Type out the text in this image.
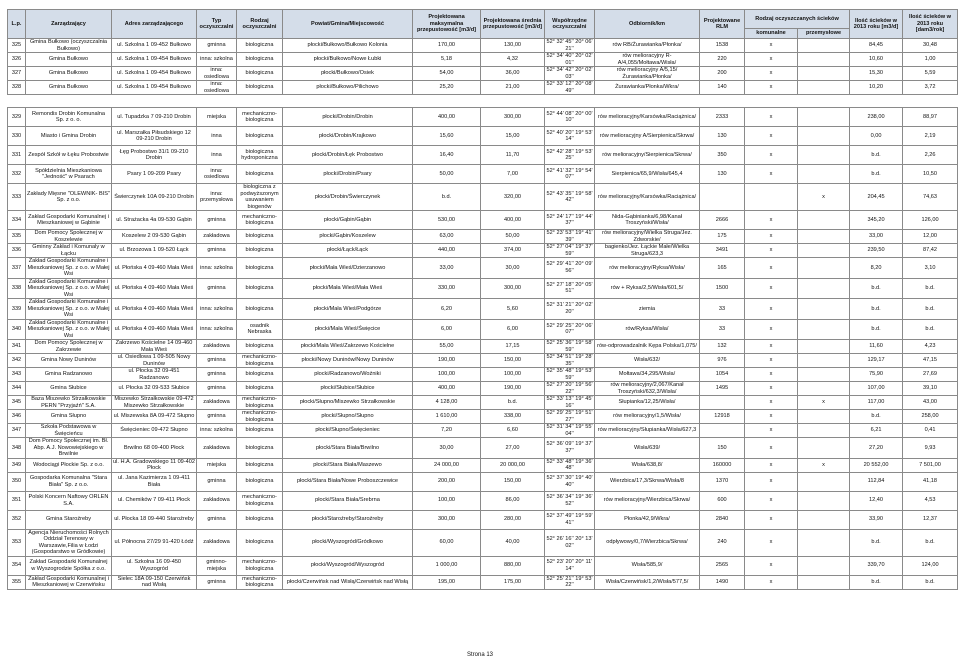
L.p.	Zarządzający	Adres zarządzającego	Typ oczyszczalni	Rodzaj oczyszczalni	Powiat/Gmina/Miejscowość	Projektowana maksymalna przepustowość [m3/d]	Projektowana średnia przepustowość [m3/d]	Współrzędne oczyszczalni	Odbiornik/km	Projektowane RLM	Rodzaj oczyszczanych ścieków		Ilość ścieków w 2013 roku [m3/d]	Ilość ścieków w 2013 roku [dam3/rok]
											komunalne	przemysłowe		
325	Gmina Bułkowo (oczyszczalnia Bułkowo)	ul. Szkolna 1 09-452 Bułkowo	gminna	biologiczna	płocki/Bułkowo/Bułkowo Kolonia	170,00	130,00	52° 32' 45'' 20° 06' 21''	rów RB/Żurawianka/Płonka/	1538	x		84,45	30,48
326	Gmina Bułkowo	ul. Szkolna 1 09-454 Bułkowo	inna: szkolna	biologiczna	płocki/Bułkowo/Nowe Łubki	5,18	4,32	52° 34' 40'' 20° 02' 01''	rów melioracyjny R-A/4,055/Mołtawa/Wisła/	220	x		10,60	1,00
327	Gmina Bułkowo	ul. Szkolna 1 09-454 Bułkowo	inna: osiedlowa	biologiczna	płocki/Bułkowo/Osiek	54,00	36,00	52° 34' 42'' 20° 02' 03''	rów melioracyjny A/5,15/Żurawianka/Płonka/	200	x		15,30	5,59
328	Gmina Bułkowo	ul. Szkolna 1 09-454 Bułkowo	inna: osiedlowa	biologiczna	płocki/Bułkowo/Pilichowo	25,20	21,00	52° 33' 12'' 20° 08' 49''	Żurawianka/Płonka/Wkra/	140	x		10,20	3,72

329	Remondis Drobin Komunalna Sp. z o. o.	ul. Tupadzka 7 09-210 Drobin	miejska	mechaniczno-biologiczna	płocki/Drobin/Drobin	400,00	300,00	52° 44' 08'' 20° 00' 10''	rów melioracyjny/Karsówka/Raciążnica/	2333	x		238,00	88,97
330	Miasto i Gmina Drobin	ul. Marszałka Piłsudskiego 12 09-210 Drobin	inna	biologiczna	płocki/Drobin/Krajkowo	15,60	15,00	52° 40' 20'' 19° 53' 14''	rów melioracyjny A/Sierpienica/Skrwa/	130	x		0,00	2,19
331	Zespół Szkół w Łęku Probostwie	Łęg Probostwo 31/1 09-210 Drobin	inna	biologiczna hydroponiczna	płocki/Drobin/Łęk Probostwo	16,40	11,70	52° 42' 28'' 19° 53' 25''	rów melioracyjny/Sierpienica/Skrwa/	350	x		b.d.	2,26
332	Spółdzielnia Mieszkaniowa "Jedność" w Psarach	Psary 1 09-209 Psary	inna: osiedlowa	biologiczna	płocki/Drobin/Psary	50,00	7,00	52° 41' 32'' 19° 54' 07''	Sierpienica/65,9/Wisła/645,4	130	x		b.d.	10,50
333	Zakłady Mięsne "OLEWNIK- BIS" Sp. z o.o.	Świerczynek 10A 09-210 Drobin	inna: przemysłowa	biologiczna z podwyższonym usuwaniem biogenów	płocki/Drobin/Świerczynek	b.d.	320,00	52° 43' 35'' 19° 58' 42''	rów melioracyjny/Karsówka/Raciążnica/			x	204,45	74,63
334	Zakład Gospodarki Komunalnej i Mieszkaniowej w Gąbinie	ul. Strażacka 4a 09-530 Gąbin	gminna	mechaniczno-biologiczna	płocki/Gąbin/Gąbin	530,00	400,00	52° 24' 17'' 19° 44' 37''	Nida-Gąbinianka/6,98/Kanał Troszyński/Wisła/	2666	x		345,20	126,00
335	Dom Pomocy Społecznej w Koszelewie	Koszelew 2 09-530 Gąbin	zakładowa	biologiczna	płocki/Gąbin/Koszelew	63,00	50,00	52° 23' 53'' 19° 41' 39''	rów melioracyjny/Wielka Struga/Jez. Zdworskie/	175	x		33,00	12,00
336	Gminny Zakład i Komunaly w Łącku	ul. Brzozowa 1 09-520 Łąck	gminna	biologiczna	płocki/Łąck/Łąck	440,00	374,00	52° 27' 04'' 19° 37' 59''	bagienko/Jez. Łąckie Małe/Wielka Struga/623,3	3491	x		239,50	87,42
337	Zakład Gospodarki Komunalne i Mieszkaniowej Sp. z o.o. w Małej Wsi	ul. Płońska 4 09-460 Mała Wieś	inna: szkolna	biologiczna	płocki/Mała Wieś/Dzierzanowo	33,00	30,00	52° 29' 41'' 20° 09' 56''	rów melioracyjny/Ryksa/Wisła/	165	x		8,20	3,10
338	Zakład Gospodarki Komunalne i Mieszkaniowej Sp. z o.o. w Małej Wsi	ul. Płońska 4 09-460 Mała Wieś	gminna	biologiczna	płocki/Mała Wieś/Mała Wieś	330,00	300,00	52° 27' 18'' 20° 05' 51''	rów + Ryksa/2,5/Wisła/601,5/	1500	x		b.d.	b.d.
339	Zakład Gospodarki Komunalne i Mieszkaniowej Sp. z o.o. w Małej Wsi	ul. Płońska 4 09-460 Mała Wieś	inna: szkolna	biologiczna	płocki/Mała Wieś/Podgórze	6,20	5,60	52° 31' 21'' 20° 02' 20''	ziemia	33	x		b.d.	b.d.
340	Zakład Gospodarki Komunalne i Mieszkaniowej Sp. z o.o. w Małej Wsi	ul. Płońska 4 09-460 Mała Wieś	inna: szkolna	osadnik Nebraska	płocki/Mała Wieś/Święcice	6,00	6,00	52° 29' 25'' 20° 06' 07''	rów/Ryksa/Wisła/	33	x		b.d.	b.d.
341	Dom Pomocy Społecznej w Zakrzewie	Zakrzewo Kościelne 14 09-460 Mała Wieś	zakładowa	biologiczna	płocki/Mała Wieś/Zakrzewo Kościelne	55,00	17,15	52° 25' 36'' 19° 58' 59''	rów-odprowadzalnik Kępa Polska/1,075/	132	x		11,60	4,23
342	Gmina Nowy Duninów	ul. Osiedlowa 1 09-505 Nowy Duninów	gminna	mechaniczno-biologiczna	płocki/Nowy Duninów/Nowy Duninów	190,00	150,00	52° 34' 51'' 19° 28' 35''	Wisła/632/	976	x		129,17	47,15
343	Gmina Radzanowo	ul. Płocka 32 09-451 Radzanowo	gminna	biologiczna	płocki/Radzanowo/Woźniki	100,00	100,00	52° 35' 48'' 19° 53' 59''	Mołtawa/34,295/Wisła/	1054	x		75,90	27,69
344	Gmina Słubice	ul. Płocka 32 09-533 Słubice	gminna	biologiczna	płocki/Słubice/Słubice	400,00	190,00	52° 27' 20'' 19° 56' 22''	rów melioracyjny/2,067/Kanał Troszyński/632,3/Wisła/	1495	x		107,00	39,10
345	Baza Miszewko Strzałkowskie PERN "Przyjaźń" S.A.	Miszewko Strzałkowskie 09-472 Miszewko Strzałkowskie	zakładowa	mechaniczno-biologiczna	płocki/Słupno/Miszewko Strzałkowskie	4 128,00	b.d.	52° 33' 13'' 19° 45' 16''	Słupianka/12,25/Wisła/		x	x	117,00	43,00
346	Gmina Słupno	ul. Miszewska 8A 09-472 Słupno	gminna	mechaniczno-biologiczna	płocki/Słupno/Słupno	1 610,00	338,00	52° 29' 25'' 19° 51' 27''	rów melioracyjny/1,5/Wisła/	12918	x		b.d.	258,00
347	Szkoła Podstawowa w Święcieńcu	Święcieniec 09-472 Słupno	inna: szkolna	biologiczna	płocki/Słupno/Święcieniec	7,20	6,60	52° 31' 34'' 19° 55' 04''	rów melioracyjny/Słupianka/Wisła/627,3		x		6,21	0,41
348	Dom Pomocy Społecznej im. Bł. Abp. A.J. Nowowiejskiego w Brwilnie	Brwilno 68 09-400 Płock	zakładowa	biologiczna	płocki/Stara Biała/Brwilno	30,00	27,00	52° 36' 09'' 19° 37' 37''	Wisła/639/	150	x		27,20	9,93
349	Wodociągi Płockie Sp. z o.o.	ul. H.A. Gradowskiego 11 09-402 Płock	miejska	biologiczna	płocki/Stara Biała/Maszewo	24 000,00	20 000,00	52° 33' 48'' 19° 36' 48''	Wisła/638,8/	160000	x	x	20 552,00	7 501,00
350	Gospodarka Komunalna "Stara Biała" Sp. z o.o.	ul. Jana Kazimierza 1 09-411 Biała	gminna	biologiczna	płocki/Stara Biała/Nowe Proboszczewice	200,00	150,00	52° 37' 30'' 19° 40' 40''	Wierzbica/17,3/Skrwa/Wisła/8	1370	x		112,84	41,18
351	Polski Koncern Naftowy ORLEN S.A.	ul. Chemików 7 09-411 Płock	zakładowa	mechaniczno-biologiczna	płocki/Stara Biała/Srebrna	100,00	86,00	52° 36' 34'' 19° 36' 52''	rów melioracyjny/Wierzbica/Skrwa/	600	x		12,40	4,53
352	Gmina Staroźreby	ul. Płocka 18 09-440 Staroźreby	gminna	biologiczna	płocki/Staroźreby/Staroźreby	300,00	280,00	52° 37' 49'' 19° 59' 41''	Płonka/42,9/Wkra/	2840	x		33,90	12,37
353	Agencja Nieruchomości Rolnych Oddział Terenowy w Warszawie,Filia w Łodzi (Gospodarstwo w Gródkowie)	ul. Północna 27/29 91-420 Łódź	zakładowa	biologiczna	płocki/Wyszogród/Gródkowo	60,00	40,00	52° 26' 16'' 20° 13' 02''	odpływowy/0,7/Wierzbica/Skrwa/	240	x		b.d.	b.d.
354	Zakład Gospodarki Komunalnej w Wyszogrodzie Spółka z o.o.	ul. Szkolna 16 09-450 Wyszogród	gminno-miejska	mechaniczno-biologiczna	płocki/Wyszogród/Wyszogród	1 000,00	880,00	52° 23' 20'' 20° 11' 14''	Wisła/585,9/	2565	x		339,70	124,00
355	Zakład Gospodarki Komunalnej i Mieszkaniowej w Czerwińsku	Sielec 18A 09-150 Czerwińsk nad Wisłą	gminna	mechaniczno-biologiczna	płocki/Czerwińsk nad Wisłą/Czerwińsk nad Wisłą	195,00	175,00	52° 25' 21'' 19° 53' 22''	Wisła/Czerwińsk/1,2/Wisła/577,5/	1490	x		b.d.	b.d.
Strona 13
